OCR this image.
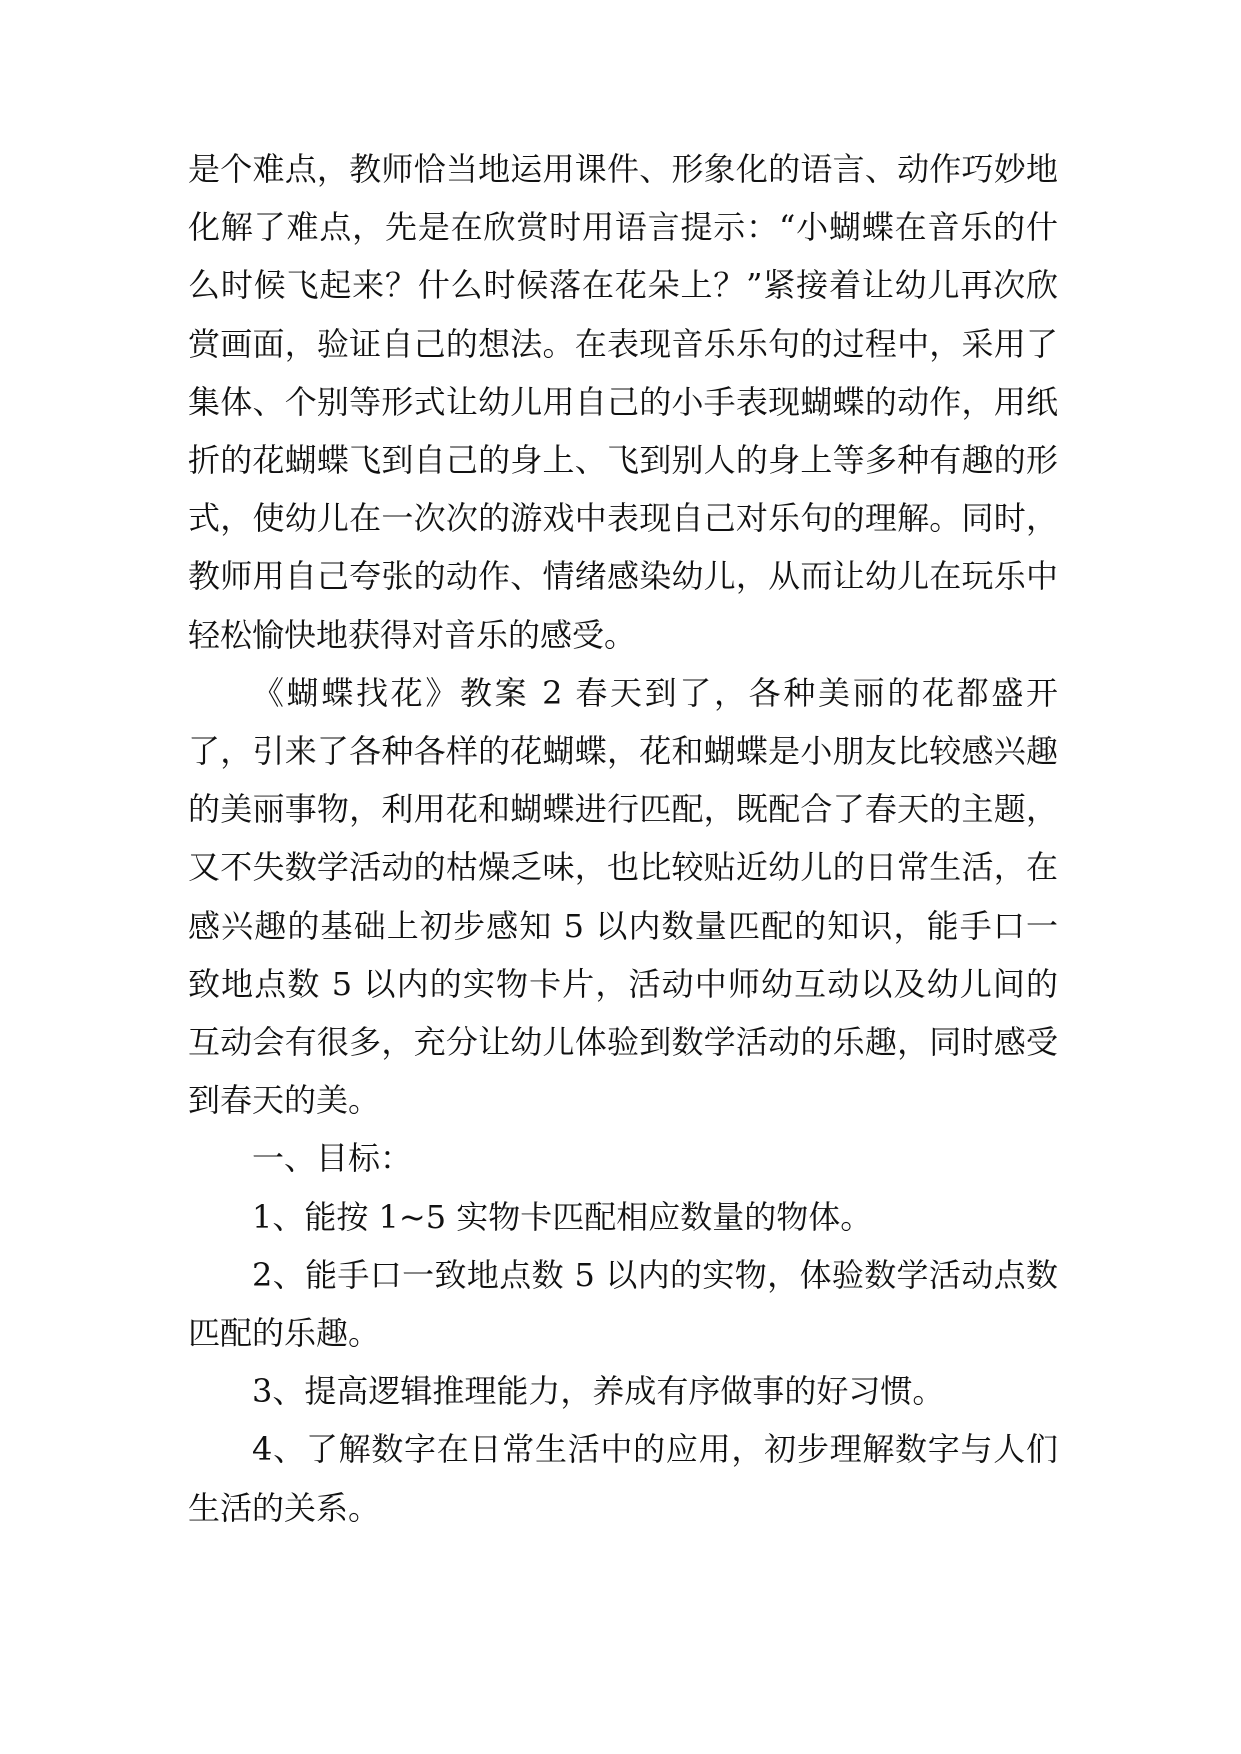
是个难点，教师恰当地运用课件、形象化的语言、动作巧妙地化解了难点，先是在欣赏时用语言提示：“小蝴蝶在音乐的什么时候飞起来？什么时候落在花朵上？”紧接着让幼儿再次欣赏画面，验证自己的想法。在表现音乐乐句的过程中，采用了集体、个别等形式让幼儿用自己的小手表现蝴蝶的动作，用纸折的花蝴蝶飞到自己的身上、飞到别人的身上等多种有趣的形式，使幼儿在一次次的游戏中表现自己对乐句的理解。同时，教师用自己夸张的动作、情绪感染幼儿，从而让幼儿在玩乐中轻松愉快地获得对音乐的感受。

《蝴蝶找花》教案 2 春天到了，各种美丽的花都盛开了，引来了各种各样的花蝴蝶，花和蝴蝶是小朋友比较感兴趣的美丽事物，利用花和蝴蝶进行匹配，既配合了春天的主题，又不失数学活动的枯燥乏味，也比较贴近幼儿的日常生活，在感兴趣的基础上初步感知 5 以内数量匹配的知识，能手口一致地点数 5 以内的实物卡片，活动中师幼互动以及幼儿间的互动会有很多，充分让幼儿体验到数学活动的乐趣，同时感受到春天的美。

一、目标：

1、能按 1~5 实物卡匹配相应数量的物体。

2、能手口一致地点数 5 以内的实物，体验数学活动点数匹配的乐趣。

3、提高逻辑推理能力，养成有序做事的好习惯。

4、了解数字在日常生活中的应用，初步理解数字与人们生活的关系。
